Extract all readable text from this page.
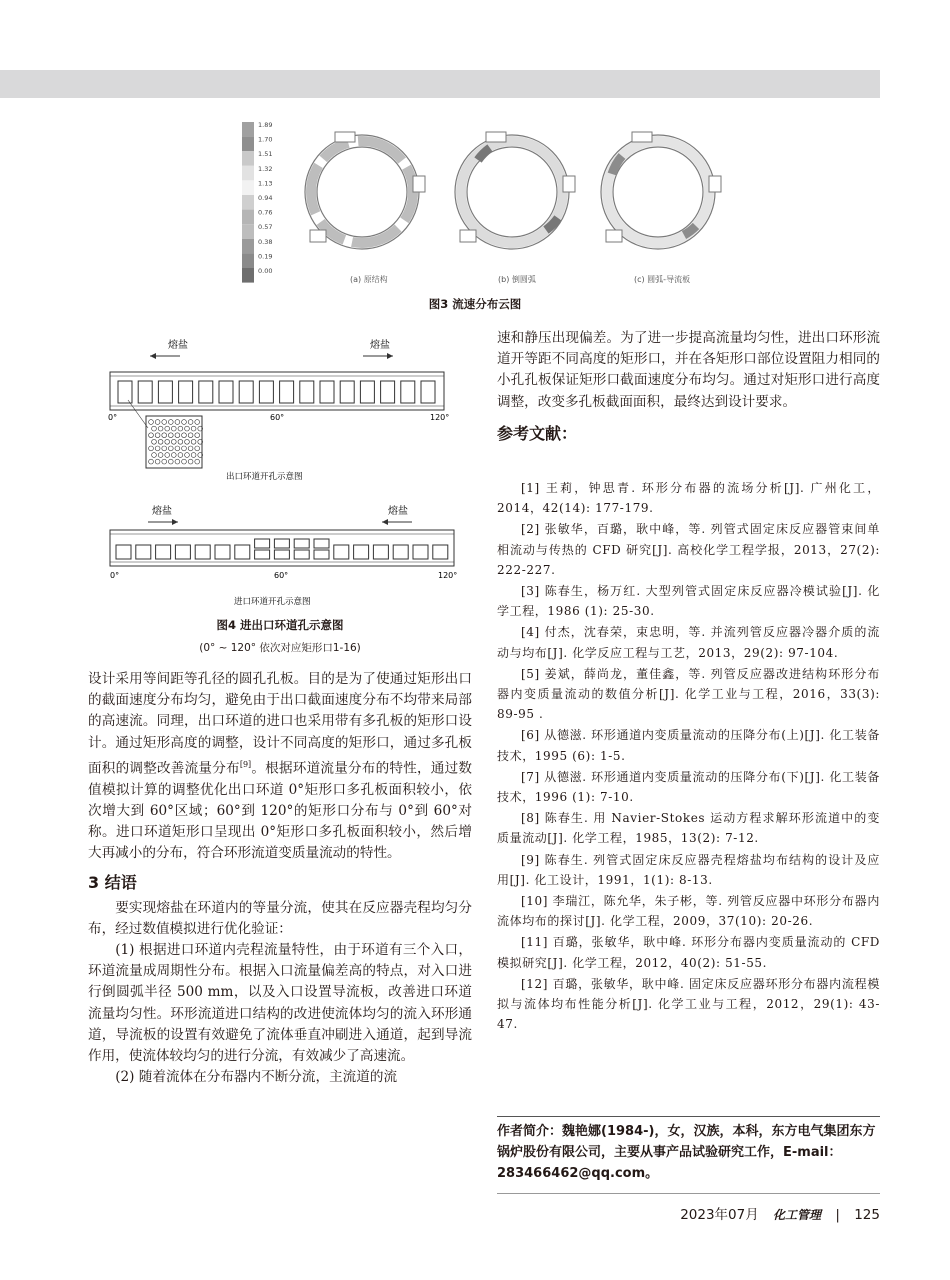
1.89
1.70
1.51
1.32
1.13
0.94
0.76
0.57
0.38
0.19
0.00
(a) 原结构	(b) 倒圆弧	(c) 圆弧-导流板
图3 流速分布云图
熔盐	熔盐
0°	60°	120°
出口环道开孔示意图
熔盐	熔盐
0°	60°	120°
进口环道开孔示意图
图4 进出口环道孔示意图
(0° ~ 120° 依次对应矩形口1-16)

设计采用等间距等孔径的圆孔孔板。目的是为了使通过矩形出口的截面速度分布均匀，避免由于出口截面速度分布不均带来局部的高速流。同理，出口环道的进口也采用带有多孔板的矩形口设计。通过矩形高度的调整，设计不同高度的矩形口，通过多孔板面积的调整改善流量分布[9]。根据环道流量分布的特性，通过数值模拟计算的调整优化出口环道 0°矩形口多孔板面积较小，依次增大到 60°区域；60°到 120°的矩形口分布与 0°到 60°对称。进口环道矩形口呈现出 0°矩形口多孔板面积较小，然后增大再减小的分布，符合环形流道变质量流动的特性。

3 结语

要实现熔盐在环道内的等量分流，使其在反应器壳程均匀分布，经过数值模拟进行优化验证：

(1) 根据进口环道内壳程流量特性，由于环道有三个入口，环道流量成周期性分布。根据入口流量偏差高的特点，对入口进行倒圆弧半径 500 mm，以及入口设置导流板，改善进口环道流量均匀性。环形流道进口结构的改进使流体均匀的流入环形通道，导流板的设置有效避免了流体垂直冲刷进入通道，起到导流作用，使流体较均匀的进行分流，有效减少了高速流。

(2) 随着流体在分布器内不断分流，主流道的流

速和静压出现偏差。为了进一步提高流量均匀性，进出口环形流道开等距不同高度的矩形口，并在各矩形口部位设置阻力相同的小孔孔板保证矩形口截面速度分布均匀。通过对矩形口进行高度调整，改变多孔板截面面积，最终达到设计要求。

参考文献：

[1] 王莉，钟思青. 环形分布器的流场分析[J]. 广州化工，2014，42(14): 177-179.

[2] 张敏华，百璐，耿中峰，等. 列管式固定床反应器管束间单相流动与传热的 CFD 研究[J]. 高校化学工程学报，2013，27(2): 222-227.

[3] 陈春生，杨万红. 大型列管式固定床反应器冷模试验[J]. 化学工程，1986 (1): 25-30.

[4] 付杰，沈春荣，束忠明，等. 并流列管反应器冷器介质的流动与均布[J]. 化学反应工程与工艺，2013，29(2): 97-104.

[5] 姜斌，薛尚龙，董佳鑫，等. 列管反应器改进结构环形分布器内变质量流动的数值分析[J]. 化学工业与工程，2016，33(3): 89-95 .

[6] 从德滋. 环形通道内变质量流动的压降分布(上)[J]. 化工装备技术，1995 (6): 1-5.

[7] 从德滋. 环形通道内变质量流动的压降分布(下)[J]. 化工装备技术，1996 (1): 7-10.

[8] 陈春生. 用 Navier-Stokes 运动方程求解环形流道中的变质量流动[J]. 化学工程，1985，13(2): 7-12.

[9] 陈春生. 列管式固定床反应器壳程熔盐均布结构的设计及应用[J]. 化工设计，1991，1(1): 8-13.

[10] 李瑞江，陈允华，朱子彬，等. 列管反应器中环形分布器内流体均布的探讨[J]. 化学工程，2009，37(10): 20-26.

[11] 百璐，张敏华，耿中峰. 环形分布器内变质量流动的 CFD 模拟研究[J]. 化学工程，2012，40(2): 51-55.

[12] 百璐，张敏华，耿中峰. 固定床反应器环形分布器内流程模拟与流体均布性能分析[J]. 化学工业与工程，2012，29(1): 43-47.

作者简介：魏艳娜(1984-)，女，汉族，本科，东方电气集团东方锅炉股份有限公司，主要从事产品试验研究工作，E-mail：283466462@qq.com。
2023年07月 化工管理 | 125
